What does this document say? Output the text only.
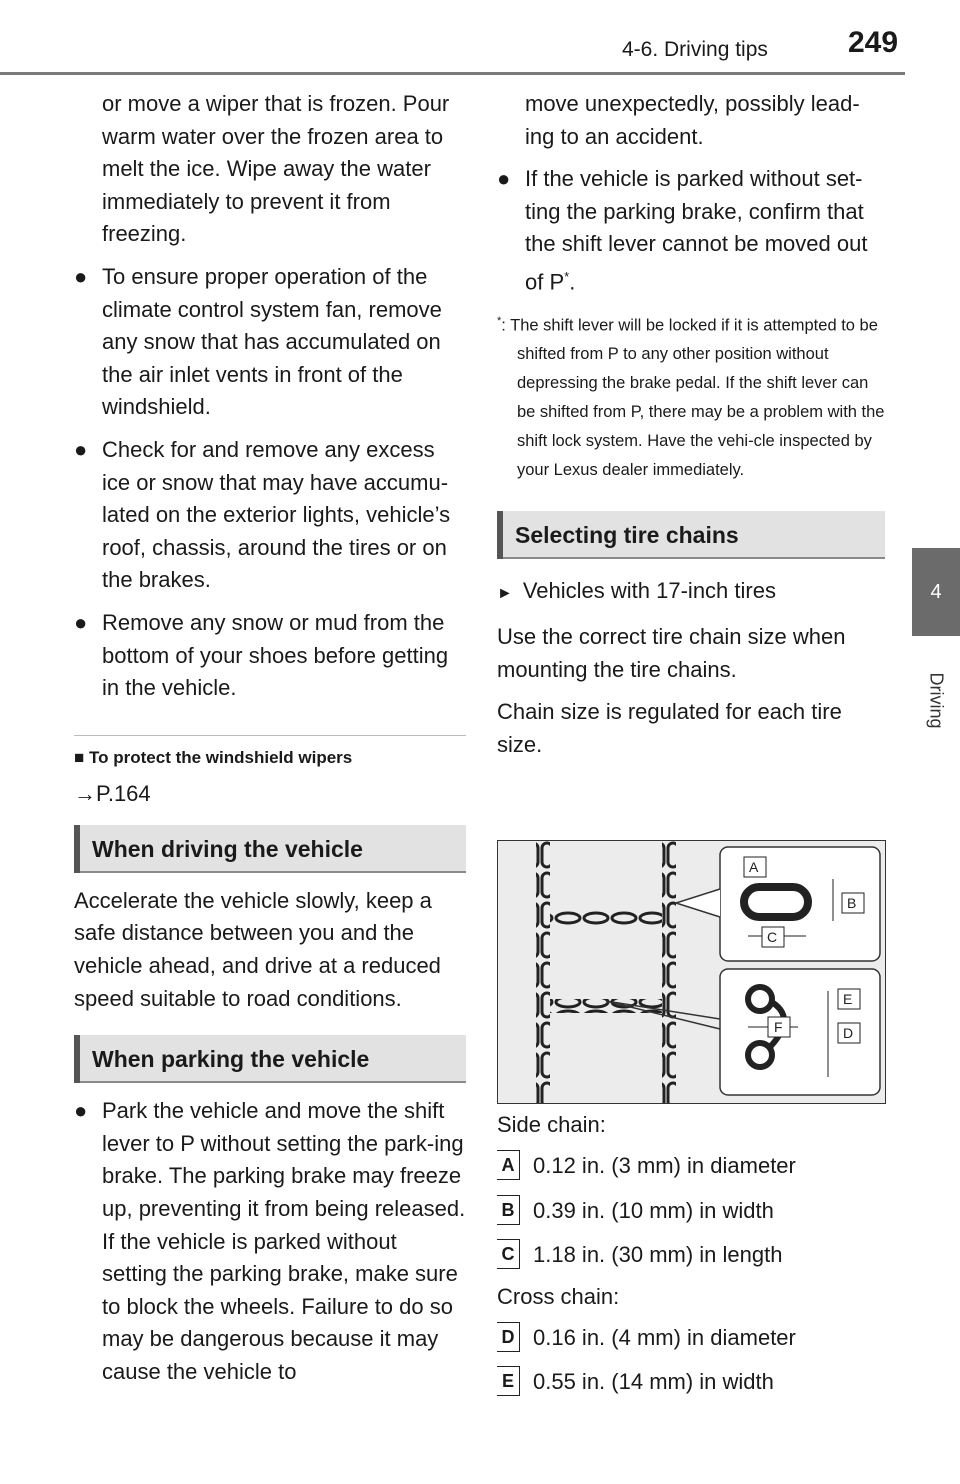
4-6. Driving tips	249
4
Driving

or move a wiper that is frozen. Pour warm water over the frozen area to melt the ice. Wipe away the water immediately to prevent it from freezing.

● To ensure proper operation of the climate control system fan, remove any snow that has accumulated on the air inlet vents in front of the windshield.
● Check for and remove any excess ice or snow that may have accumu-lated on the exterior lights, vehicle’s roof, chassis, around the tires or on the brakes.
● Remove any snow or mud from the bottom of your shoes before getting in the vehicle.
■ To protect the windshield wipers

→P.164

When driving the vehicle

Accelerate the vehicle slowly, keep a safe distance between you and the vehicle ahead, and drive at a reduced speed suitable to road conditions.

When parking the vehicle
● Park the vehicle and move the shift lever to P without setting the park-ing brake. The parking brake may freeze up, preventing it from being released. If the vehicle is parked without setting the parking brake, make sure to block the wheels. Failure to do so may be dangerous because it may cause the vehicle to

move unexpectedly, possibly lead-ing to an accident.

● If the vehicle is parked without set-ting the parking brake, confirm that the shift lever cannot be moved out of P*.
*: The shift lever will be locked if it is attempted to be shifted from P to any other position without depressing the brake pedal. If the shift lever can be shifted from P, there may be a problem with the shift lock system. Have the vehi-cle inspected by your Lexus dealer immediately.
Selecting tire chains
► Vehicles with 17-inch tires

Use the correct tire chain size when mounting the tire chains.

Chain size is regulated for each tire size.

A
B
C
E
F	D

Side chain:

A 0.12 in. (3 mm) in diameter
B 0.39 in. (10 mm) in width
C 1.18 in. (30 mm) in length

Cross chain:

D 0.16 in. (4 mm) in diameter
E 0.55 in. (14 mm) in width
